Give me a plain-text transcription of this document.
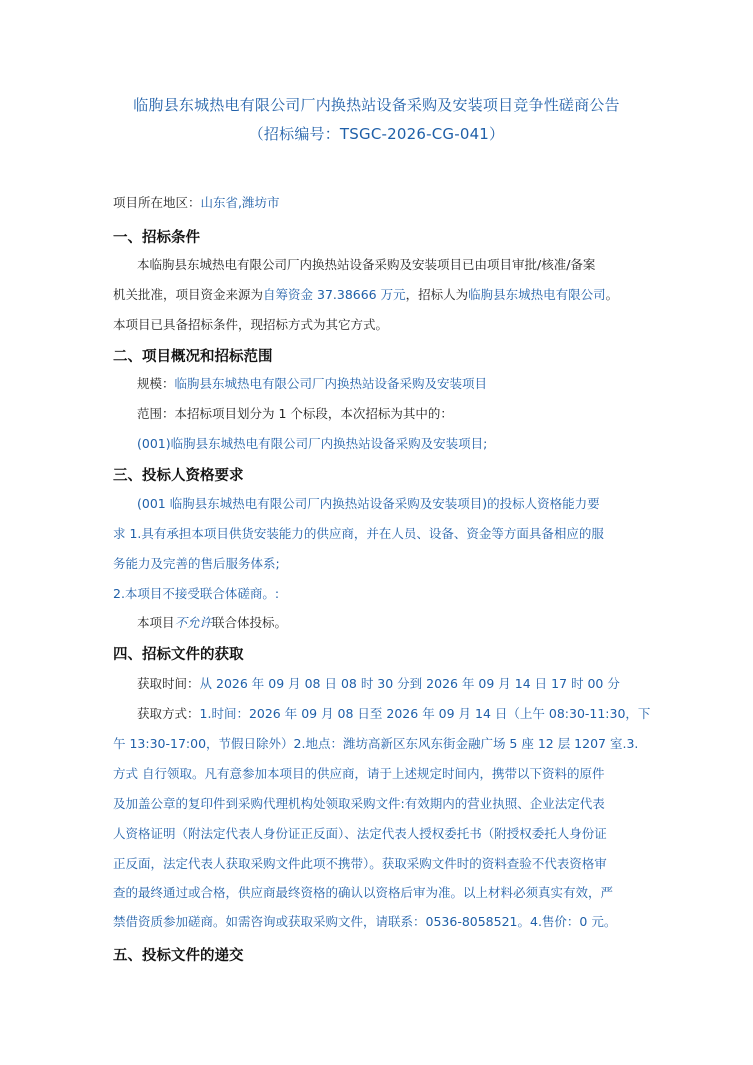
临朐县东城热电有限公司厂内换热站设备采购及安装项目竞争性磋商公告
（招标编号：TSGC-2026-CG-041）
项目所在地区：山东省,潍坊市
一、招标条件
本临朐县东城热电有限公司厂内换热站设备采购及安装项目已由项目审批/核准/备案
机关批准，项目资金来源为自筹资金 37.38666 万元，招标人为临朐县东城热电有限公司。
本项目已具备招标条件，现招标方式为其它方式。
二、项目概况和招标范围
规模：临朐县东城热电有限公司厂内换热站设备采购及安装项目
范围：本招标项目划分为 1 个标段，本次招标为其中的：
(001)临朐县东城热电有限公司厂内换热站设备采购及安装项目;
三、投标人资格要求
(001 临朐县东城热电有限公司厂内换热站设备采购及安装项目)的投标人资格能力要
求 1.具有承担本项目供货安装能力的供应商，并在人员、设备、资金等方面具备相应的服
务能力及完善的售后服务体系;
2.本项目不接受联合体磋商。:
本项目不允许联合体投标。
四、招标文件的获取
获取时间：从 2026 年 09 月 08 日 08 时 30 分到 2026 年 09 月 14 日 17 时 00 分
获取方式：1.时间：2026 年 09 月 08 日至 2026 年 09 月 14 日（上午 08:30-11:30，下
午 13:30-17:00，节假日除外）2.地点：潍坊高新区东风东街金融广场 5 座 12 层 1207 室.3.
方式 自行领取。凡有意参加本项目的供应商，请于上述规定时间内，携带以下资料的原件
及加盖公章的复印件到采购代理机构处领取采购文件:有效期内的营业执照、企业法定代表
人资格证明（附法定代表人身份证正反面）、法定代表人授权委托书（附授权委托人身份证
正反面，法定代表人获取采购文件此项不携带）。获取采购文件时的资料查验不代表资格审
查的最终通过或合格，供应商最终资格的确认以资格后审为准。以上材料必须真实有效，严
禁借资质参加磋商。如需咨询或获取采购文件，请联系：0536-8058521。4.售价：0 元。
五、投标文件的递交
